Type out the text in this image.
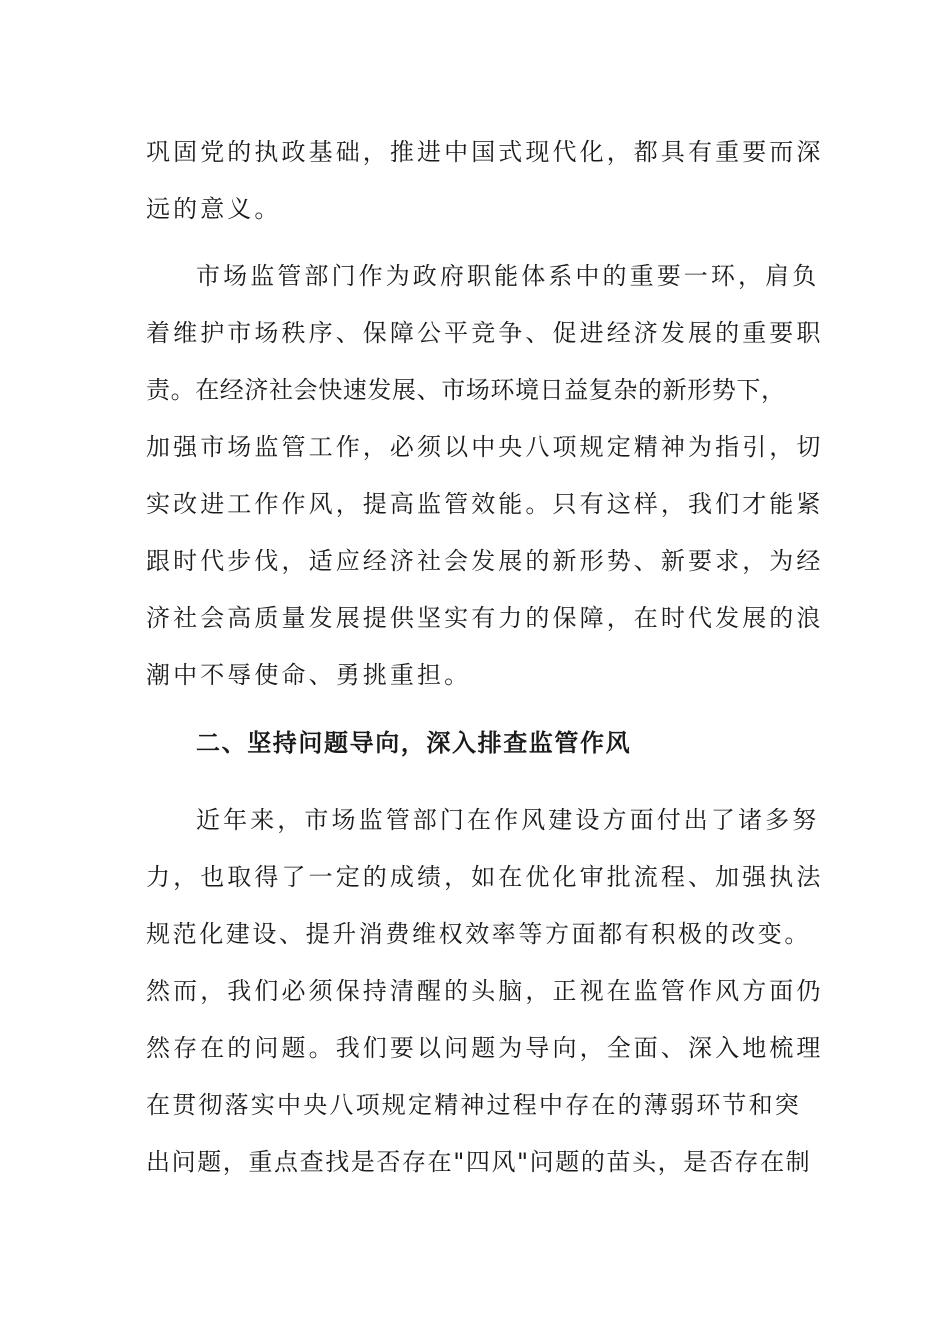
巩固党的执政基础，推进中国式现代化，都具有重要而深
远的意义。
市场监管部门作为政府职能体系中的重要一环，肩负
着维护市场秩序、保障公平竞争、促进经济发展的重要职
责。在经济社会快速发展、市场环境日益复杂的新形势下，
加强市场监管工作，必须以中央八项规定精神为指引，切
实改进工作作风，提高监管效能。只有这样，我们才能紧
跟时代步伐，适应经济社会发展的新形势、新要求，为经
济社会高质量发展提供坚实有力的保障，在时代发展的浪
潮中不辱使命、勇挑重担。
二、坚持问题导向，深入排查监管作风
近年来，市场监管部门在作风建设方面付出了诸多努
力，也取得了一定的成绩，如在优化审批流程、加强执法
规范化建设、提升消费维权效率等方面都有积极的改变。
然而，我们必须保持清醒的头脑，正视在监管作风方面仍
然存在的问题。我们要以问题为导向，全面、深入地梳理
在贯彻落实中央八项规定精神过程中存在的薄弱环节和突
出问题，重点查找是否存在"四风"问题的苗头，是否存在制
